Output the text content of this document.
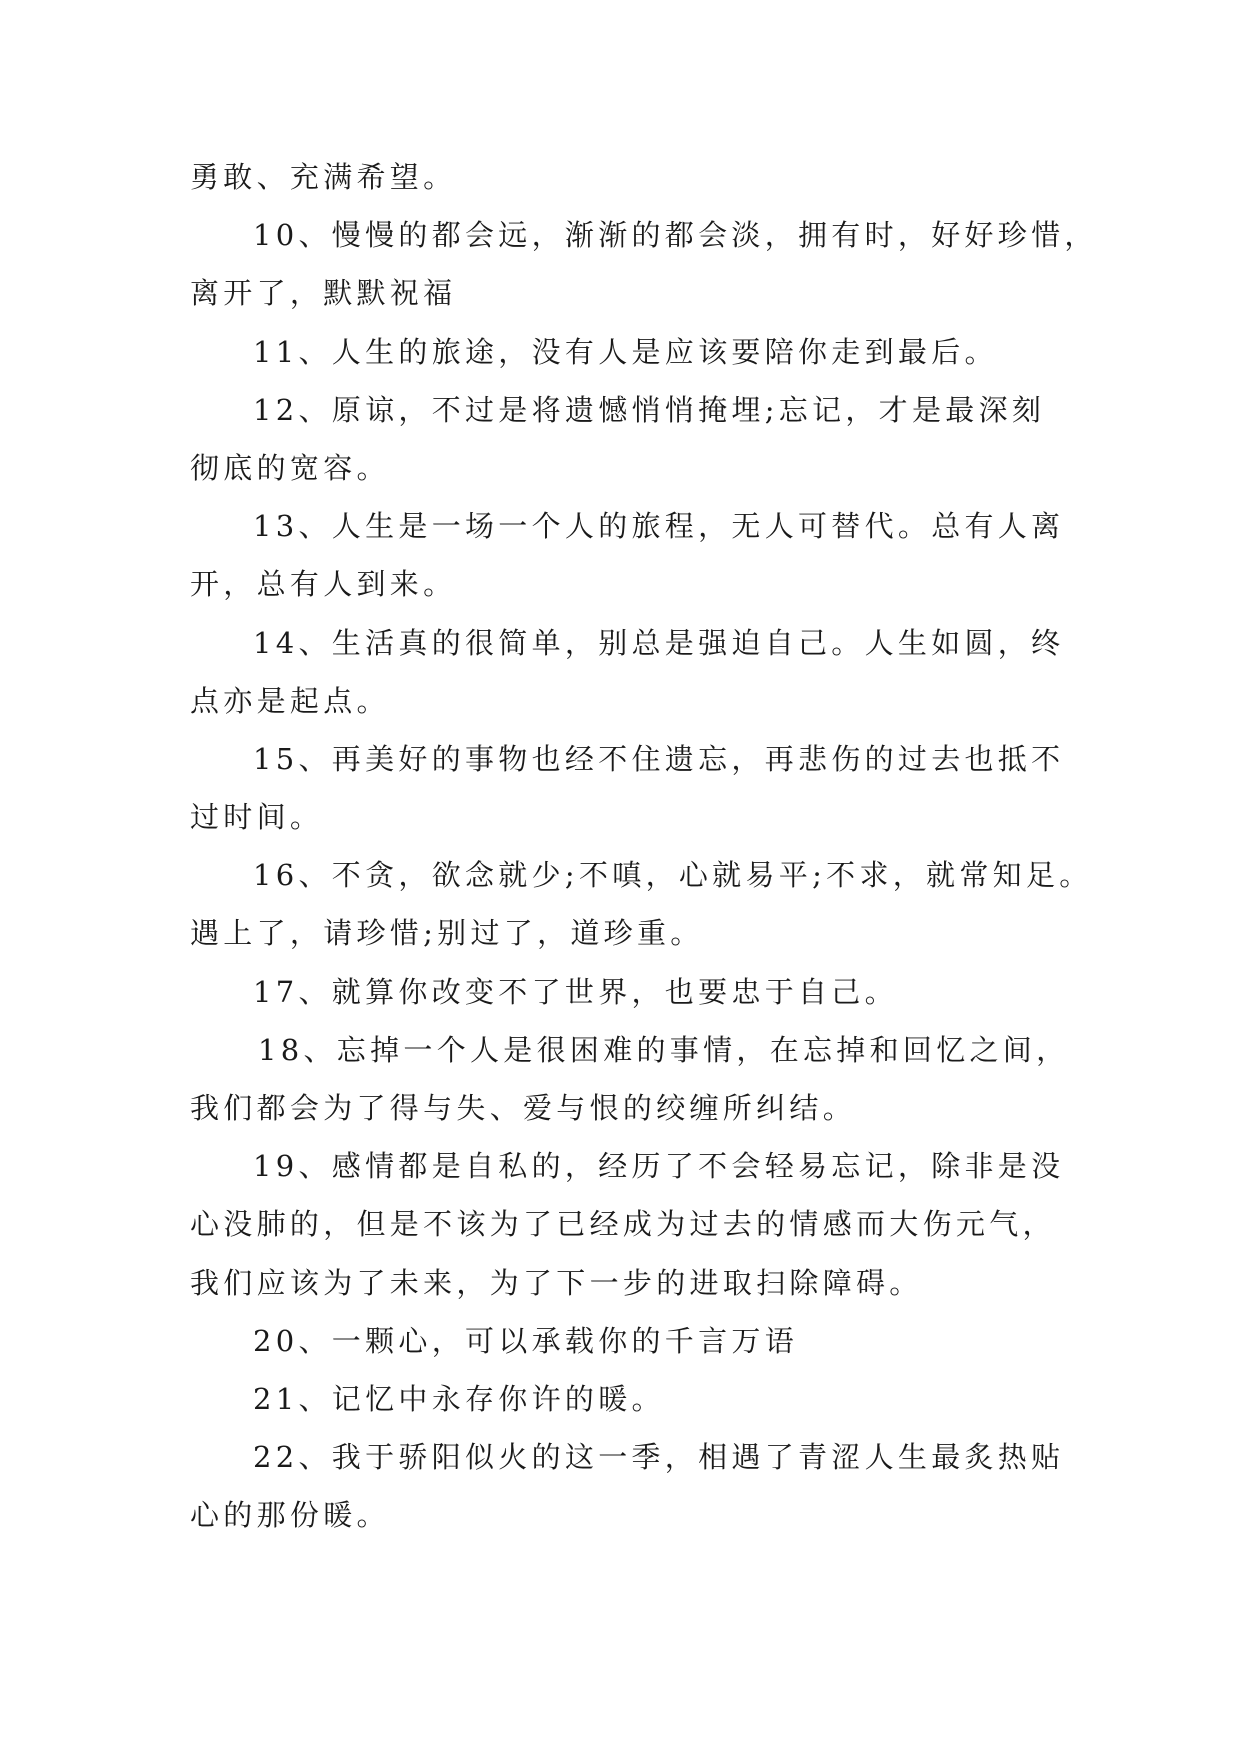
勇敢、充满希望。
10、慢慢的都会远，渐渐的都会淡，拥有时，好好珍惜，
离开了，默默祝福
11、人生的旅途，没有人是应该要陪你走到最后。
12、原谅，不过是将遗憾悄悄掩埋;忘记，才是最深刻
彻底的宽容。
13、人生是一场一个人的旅程，无人可替代。总有人离
开，总有人到来。
14、生活真的很简单，别总是强迫自己。人生如圆，终
点亦是起点。
15、再美好的事物也经不住遗忘，再悲伤的过去也抵不
过时间。
16、不贪，欲念就少;不嗔，心就易平;不求，就常知足。
遇上了，请珍惜;别过了，道珍重。
17、就算你改变不了世界，也要忠于自己。
18、忘掉一个人是很困难的事情，在忘掉和回忆之间，
我们都会为了得与失、爱与恨的绞缠所纠结。
19、感情都是自私的，经历了不会轻易忘记，除非是没
心没肺的，但是不该为了已经成为过去的情感而大伤元气，
我们应该为了未来，为了下一步的进取扫除障碍。
20、一颗心，可以承载你的千言万语
21、记忆中永存你许的暖。
22、我于骄阳似火的这一季，相遇了青涩人生最炙热贴
心的那份暖。
